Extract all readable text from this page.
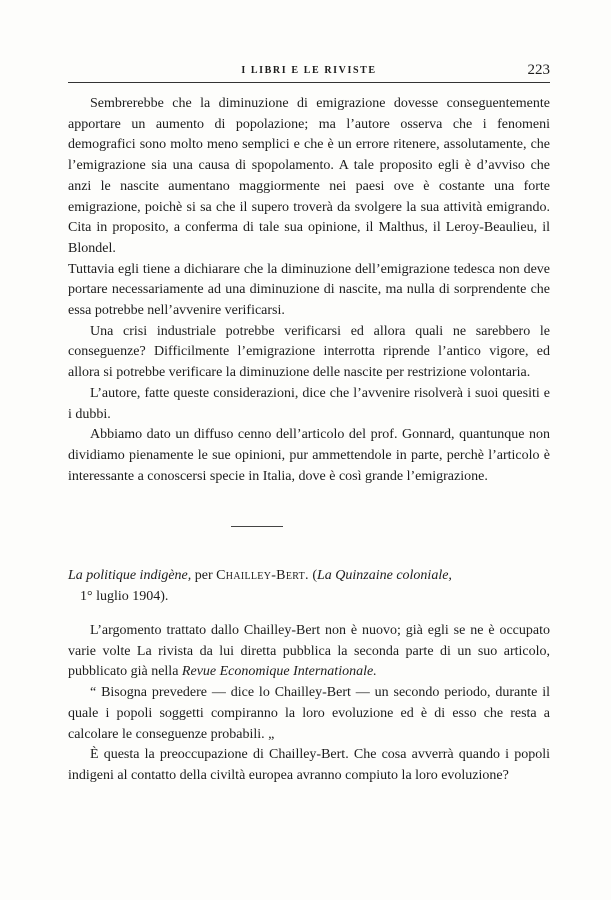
I LIBRI E LE RIVISTE	223

Sembrerebbe che la diminuzione di emigrazione dovesse conseguentemente apportare un aumento di popolazione; ma l’autore osserva che i fenomeni demografici sono molto meno semplici e che è un errore ritenere, assolutamente, che l’emigrazione sia una causa di spopolamento. A tale proposito egli è d’avviso che anzi le nascite aumentano maggiormente nei paesi ove è costante una forte emigrazione, poichè si sa che il supero troverà da svolgere la sua attività emigrando. Cita in proposito, a conferma di tale sua opinione, il Malthus, il Leroy-Beaulieu, il Blondel.

Tuttavia egli tiene a dichiarare che la diminuzione dell’emigrazione tedesca non deve portare necessariamente ad una diminuzione di nascite, ma nulla di sorprendente che essa potrebbe nell’avvenire verificarsi.

Una crisi industriale potrebbe verificarsi ed allora quali ne sarebbero le conseguenze? Difficilmente l’emigrazione interrotta riprende l’antico vigore, ed allora si potrebbe verificare la diminuzione delle nascite per restrizione volontaria.

L’autore, fatte queste considerazioni, dice che l’avvenire risolverà i suoi quesiti e i dubbi.

Abbiamo dato un diffuso cenno dell’articolo del prof. Gonnard, quantunque non dividiamo pienamente le sue opinioni, pur ammettendole in parte, perchè l’articolo è interessante a conoscersi specie in Italia, dove è così grande l’emigrazione.

La politique indigène, per Chailley-Bert. (La Quinzaine coloniale,
1° luglio 1904).

L’argomento trattato dallo Chailley-Bert non è nuovo; già egli se ne è occupato varie volte La rivista da lui diretta pubblica la seconda parte di un suo articolo, pubblicato già nella Revue Economique Internationale.

“ Bisogna prevedere — dice lo Chailley-Bert — un secondo periodo, durante il quale i popoli soggetti compiranno la loro evoluzione ed è di esso che resta a calcolare le conseguenze probabili. „

È questa la preoccupazione di Chailley-Bert. Che cosa avverrà quando i popoli indigeni al contatto della civiltà europea avranno compiuto la loro evoluzione?
